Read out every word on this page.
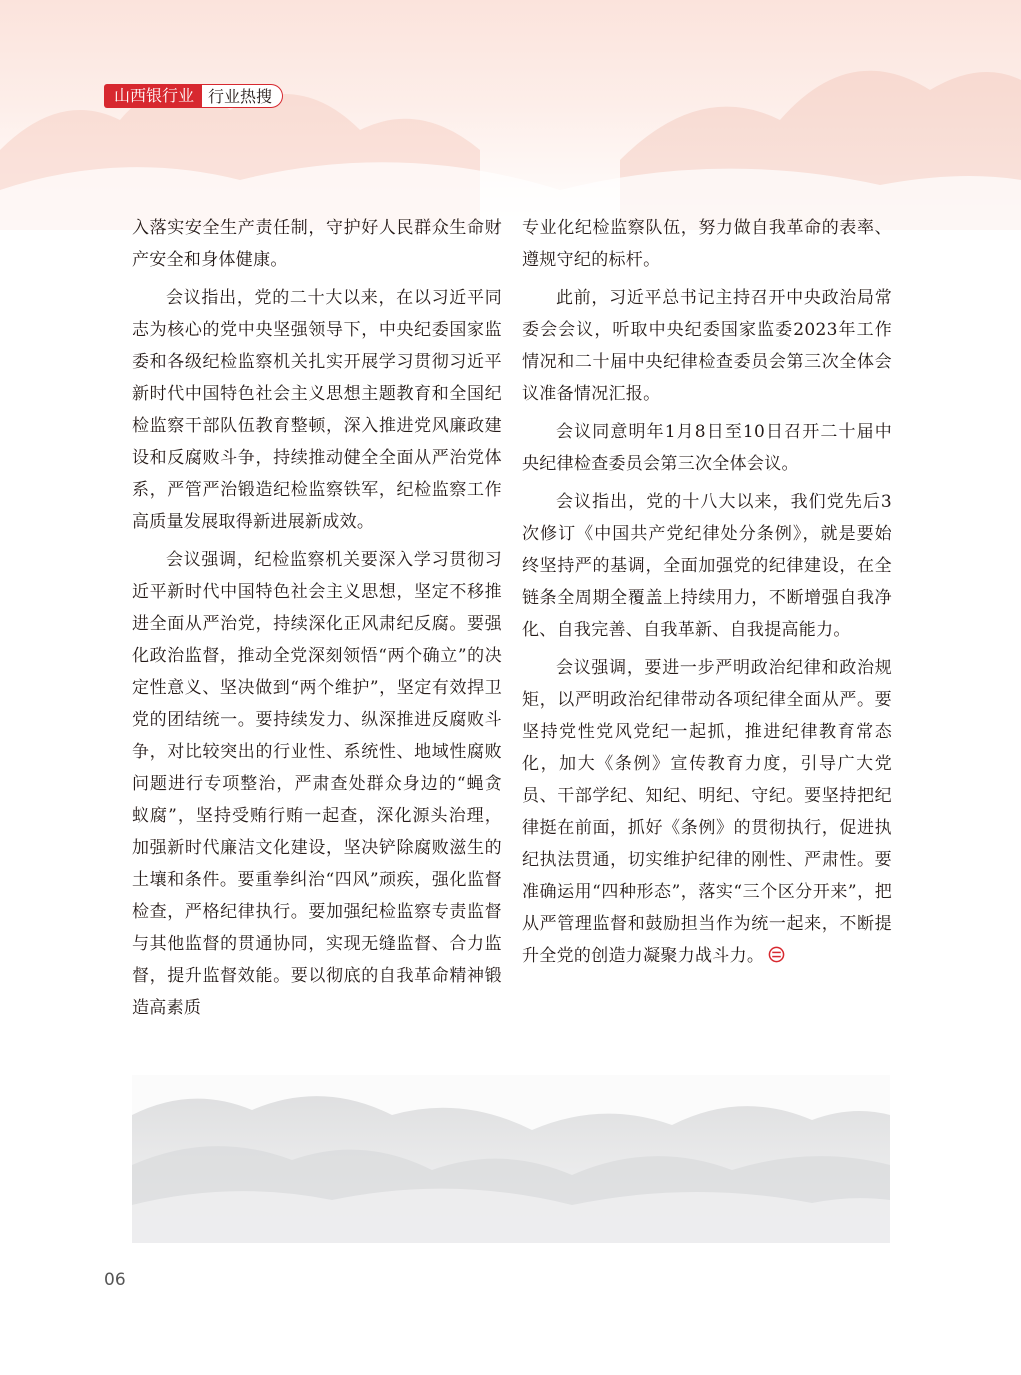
山西银行业 行业热搜

入落实安全生产责任制，守护好人民群众生命财产安全和身体健康。

会议指出，党的二十大以来，在以习近平同志为核心的党中央坚强领导下，中央纪委国家监委和各级纪检监察机关扎实开展学习贯彻习近平新时代中国特色社会主义思想主题教育和全国纪检监察干部队伍教育整顿，深入推进党风廉政建设和反腐败斗争，持续推动健全全面从严治党体系，严管严治锻造纪检监察铁军，纪检监察工作高质量发展取得新进展新成效。

会议强调，纪检监察机关要深入学习贯彻习近平新时代中国特色社会主义思想，坚定不移推进全面从严治党，持续深化正风肃纪反腐。要强化政治监督，推动全党深刻领悟“两个确立”的决定性意义、坚决做到“两个维护”，坚定有效捍卫党的团结统一。要持续发力、纵深推进反腐败斗争，对比较突出的行业性、系统性、地域性腐败问题进行专项整治，严肃查处群众身边的“蝇贪蚁腐”，坚持受贿行贿一起查，深化源头治理，加强新时代廉洁文化建设，坚决铲除腐败滋生的土壤和条件。要重拳纠治“四风”顽疾，强化监督检查，严格纪律执行。要加强纪检监察专责监督与其他监督的贯通协同，实现无缝监督、合力监督，提升监督效能。要以彻底的自我革命精神锻造高素质

专业化纪检监察队伍，努力做自我革命的表率、遵规守纪的标杆。

此前，习近平总书记主持召开中央政治局常委会会议，听取中央纪委国家监委2023年工作情况和二十届中央纪律检查委员会第三次全体会议准备情况汇报。

会议同意明年1月8日至10日召开二十届中央纪律检查委员会第三次全体会议。

会议指出，党的十八大以来，我们党先后3次修订《中国共产党纪律处分条例》，就是要始终坚持严的基调，全面加强党的纪律建设，在全链条全周期全覆盖上持续用力，不断增强自我净化、自我完善、自我革新、自我提高能力。

会议强调，要进一步严明政治纪律和政治规矩，以严明政治纪律带动各项纪律全面从严。要坚持党性党风党纪一起抓，推进纪律教育常态化，加大《条例》宣传教育力度，引导广大党员、干部学纪、知纪、明纪、守纪。要坚持把纪律挺在前面，抓好《条例》的贯彻执行，促进执纪执法贯通，切实维护纪律的刚性、严肃性。要准确运用“四种形态”，落实“三个区分开来”，把从严管理监督和鼓励担当作为统一起来，不断提升全党的创造力凝聚力战斗力。

06
